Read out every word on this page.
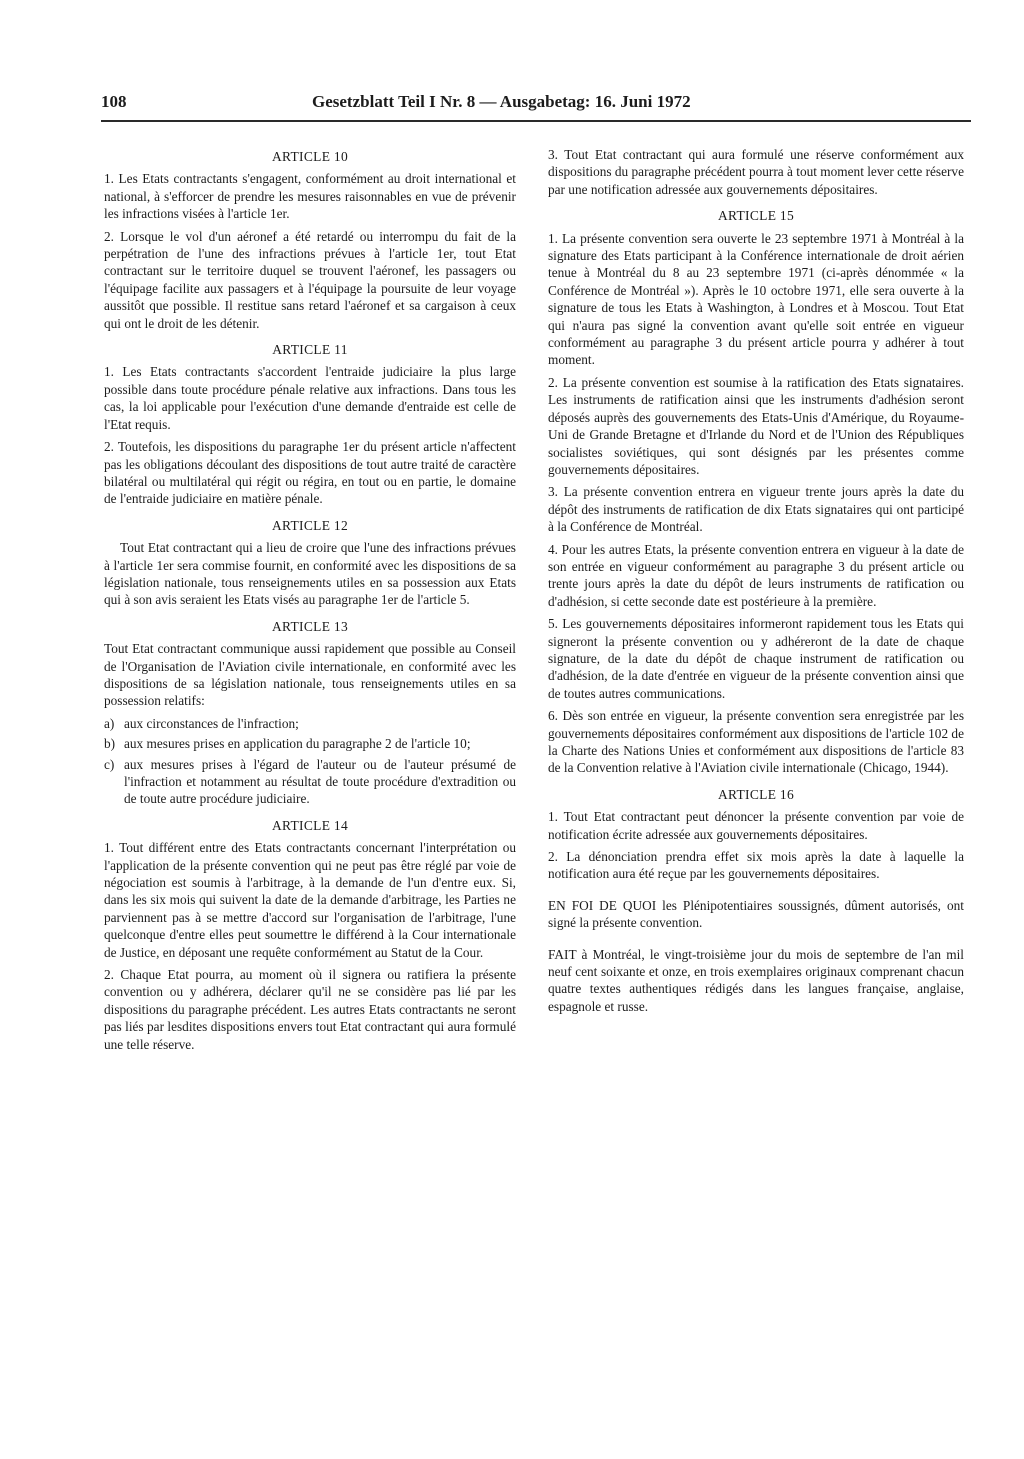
108	Gesetzblatt Teil I Nr. 8 — Ausgabetag: 16. Juni 1972
ARTICLE 10

1. Les Etats contractants s'engagent, conformément au droit international et national, à s'efforcer de prendre les mesures raisonnables en vue de prévenir les infractions visées à l'article 1er.

2. Lorsque le vol d'un aéronef a été retardé ou interrompu du fait de la perpétration de l'une des infractions prévues à l'article 1er, tout Etat contractant sur le territoire duquel se trouvent l'aéronef, les passagers ou l'équipage facilite aux passagers et à l'équipage la poursuite de leur voyage aussitôt que possible. Il restitue sans retard l'aéronef et sa cargaison à ceux qui ont le droit de les détenir.

ARTICLE 11

1. Les Etats contractants s'accordent l'entraide judiciaire la plus large possible dans toute procédure pénale relative aux infractions. Dans tous les cas, la loi applicable pour l'exécution d'une demande d'entraide est celle de l'Etat requis.

2. Toutefois, les dispositions du paragraphe 1er du présent article n'affectent pas les obligations découlant des dispositions de tout autre traité de caractère bilatéral ou multilatéral qui régit ou régira, en tout ou en partie, le domaine de l'entraide judiciaire en matière pénale.

ARTICLE 12

Tout Etat contractant qui a lieu de croire que l'une des infractions prévues à l'article 1er sera commise fournit, en conformité avec les dispositions de sa législation nationale, tous renseignements utiles en sa possession aux Etats qui à son avis seraient les Etats visés au paragraphe 1er de l'article 5.

ARTICLE 13

Tout Etat contractant communique aussi rapidement que possible au Conseil de l'Organisation de l'Aviation civile internationale, en conformité avec les dispositions de sa législation nationale, tous renseignements utiles en sa possession relatifs:

a) aux circonstances de l'infraction;
b) aux mesures prises en application du paragraphe 2 de l'article 10;
c) aux mesures prises à l'égard de l'auteur ou de l'auteur présumé de l'infraction et notamment au résultat de toute procédure d'extradition ou de toute autre procédure judiciaire.
ARTICLE 14

1. Tout différent entre des Etats contractants concernant l'interprétation ou l'application de la présente convention qui ne peut pas être réglé par voie de négociation est soumis à l'arbitrage, à la demande de l'un d'entre eux. Si, dans les six mois qui suivent la date de la demande d'arbitrage, les Parties ne parviennent pas à se mettre d'accord sur l'organisation de l'arbitrage, l'une quelconque d'entre elles peut soumettre le différend à la Cour internationale de Justice, en déposant une requête conformément au Statut de la Cour.

2. Chaque Etat pourra, au moment où il signera ou ratifiera la présente convention ou y adhérera, déclarer qu'il ne se considère pas lié par les dispositions du paragraphe précédent. Les autres Etats contractants ne seront pas liés par lesdites dispositions envers tout Etat contractant qui aura formulé une telle réserve.

3. Tout Etat contractant qui aura formulé une réserve conformément aux dispositions du paragraphe précédent pourra à tout moment lever cette réserve par une notification adressée aux gouvernements dépositaires.

ARTICLE 15

1. La présente convention sera ouverte le 23 septembre 1971 à Montréal à la signature des Etats participant à la Conférence internationale de droit aérien tenue à Montréal du 8 au 23 septembre 1971 (ci-après dénommée « la Conférence de Montréal »). Après le 10 octobre 1971, elle sera ouverte à la signature de tous les Etats à Washington, à Londres et à Moscou. Tout Etat qui n'aura pas signé la convention avant qu'elle soit entrée en vigueur conformément au paragraphe 3 du présent article pourra y adhérer à tout moment.

2. La présente convention est soumise à la ratification des Etats signataires. Les instruments de ratification ainsi que les instruments d'adhésion seront déposés auprès des gouvernements des Etats-Unis d'Amérique, du Royaume-Uni de Grande Bretagne et d'Irlande du Nord et de l'Union des Républiques socialistes soviétiques, qui sont désignés par les présentes comme gouvernements dépositaires.

3. La présente convention entrera en vigueur trente jours après la date du dépôt des instruments de ratification de dix Etats signataires qui ont participé à la Conférence de Montréal.

4. Pour les autres Etats, la présente convention entrera en vigueur à la date de son entrée en vigueur conformément au paragraphe 3 du présent article ou trente jours après la date du dépôt de leurs instruments de ratification ou d'adhésion, si cette seconde date est postérieure à la première.

5. Les gouvernements dépositaires informeront rapidement tous les Etats qui signeront la présente convention ou y adhéreront de la date de chaque signature, de la date du dépôt de chaque instrument de ratification ou d'adhésion, de la date d'entrée en vigueur de la présente convention ainsi que de toutes autres communications.

6. Dès son entrée en vigueur, la présente convention sera enregistrée par les gouvernements dépositaires conformément aux dispositions de l'article 102 de la Charte des Nations Unies et conformément aux dispositions de l'article 83 de la Convention relative à l'Aviation civile internationale (Chicago, 1944).

ARTICLE 16

1. Tout Etat contractant peut dénoncer la présente convention par voie de notification écrite adressée aux gouvernements dépositaires.

2. La dénonciation prendra effet six mois après la date à laquelle la notification aura été reçue par les gouvernements dépositaires.

EN FOI DE QUOI les Plénipotentiaires soussignés, dûment autorisés, ont signé la présente convention.

FAIT à Montréal, le vingt-troisième jour du mois de septembre de l'an mil neuf cent soixante et onze, en trois exemplaires originaux comprenant chacun quatre textes authentiques rédigés dans les langues française, anglaise, espagnole et russe.
